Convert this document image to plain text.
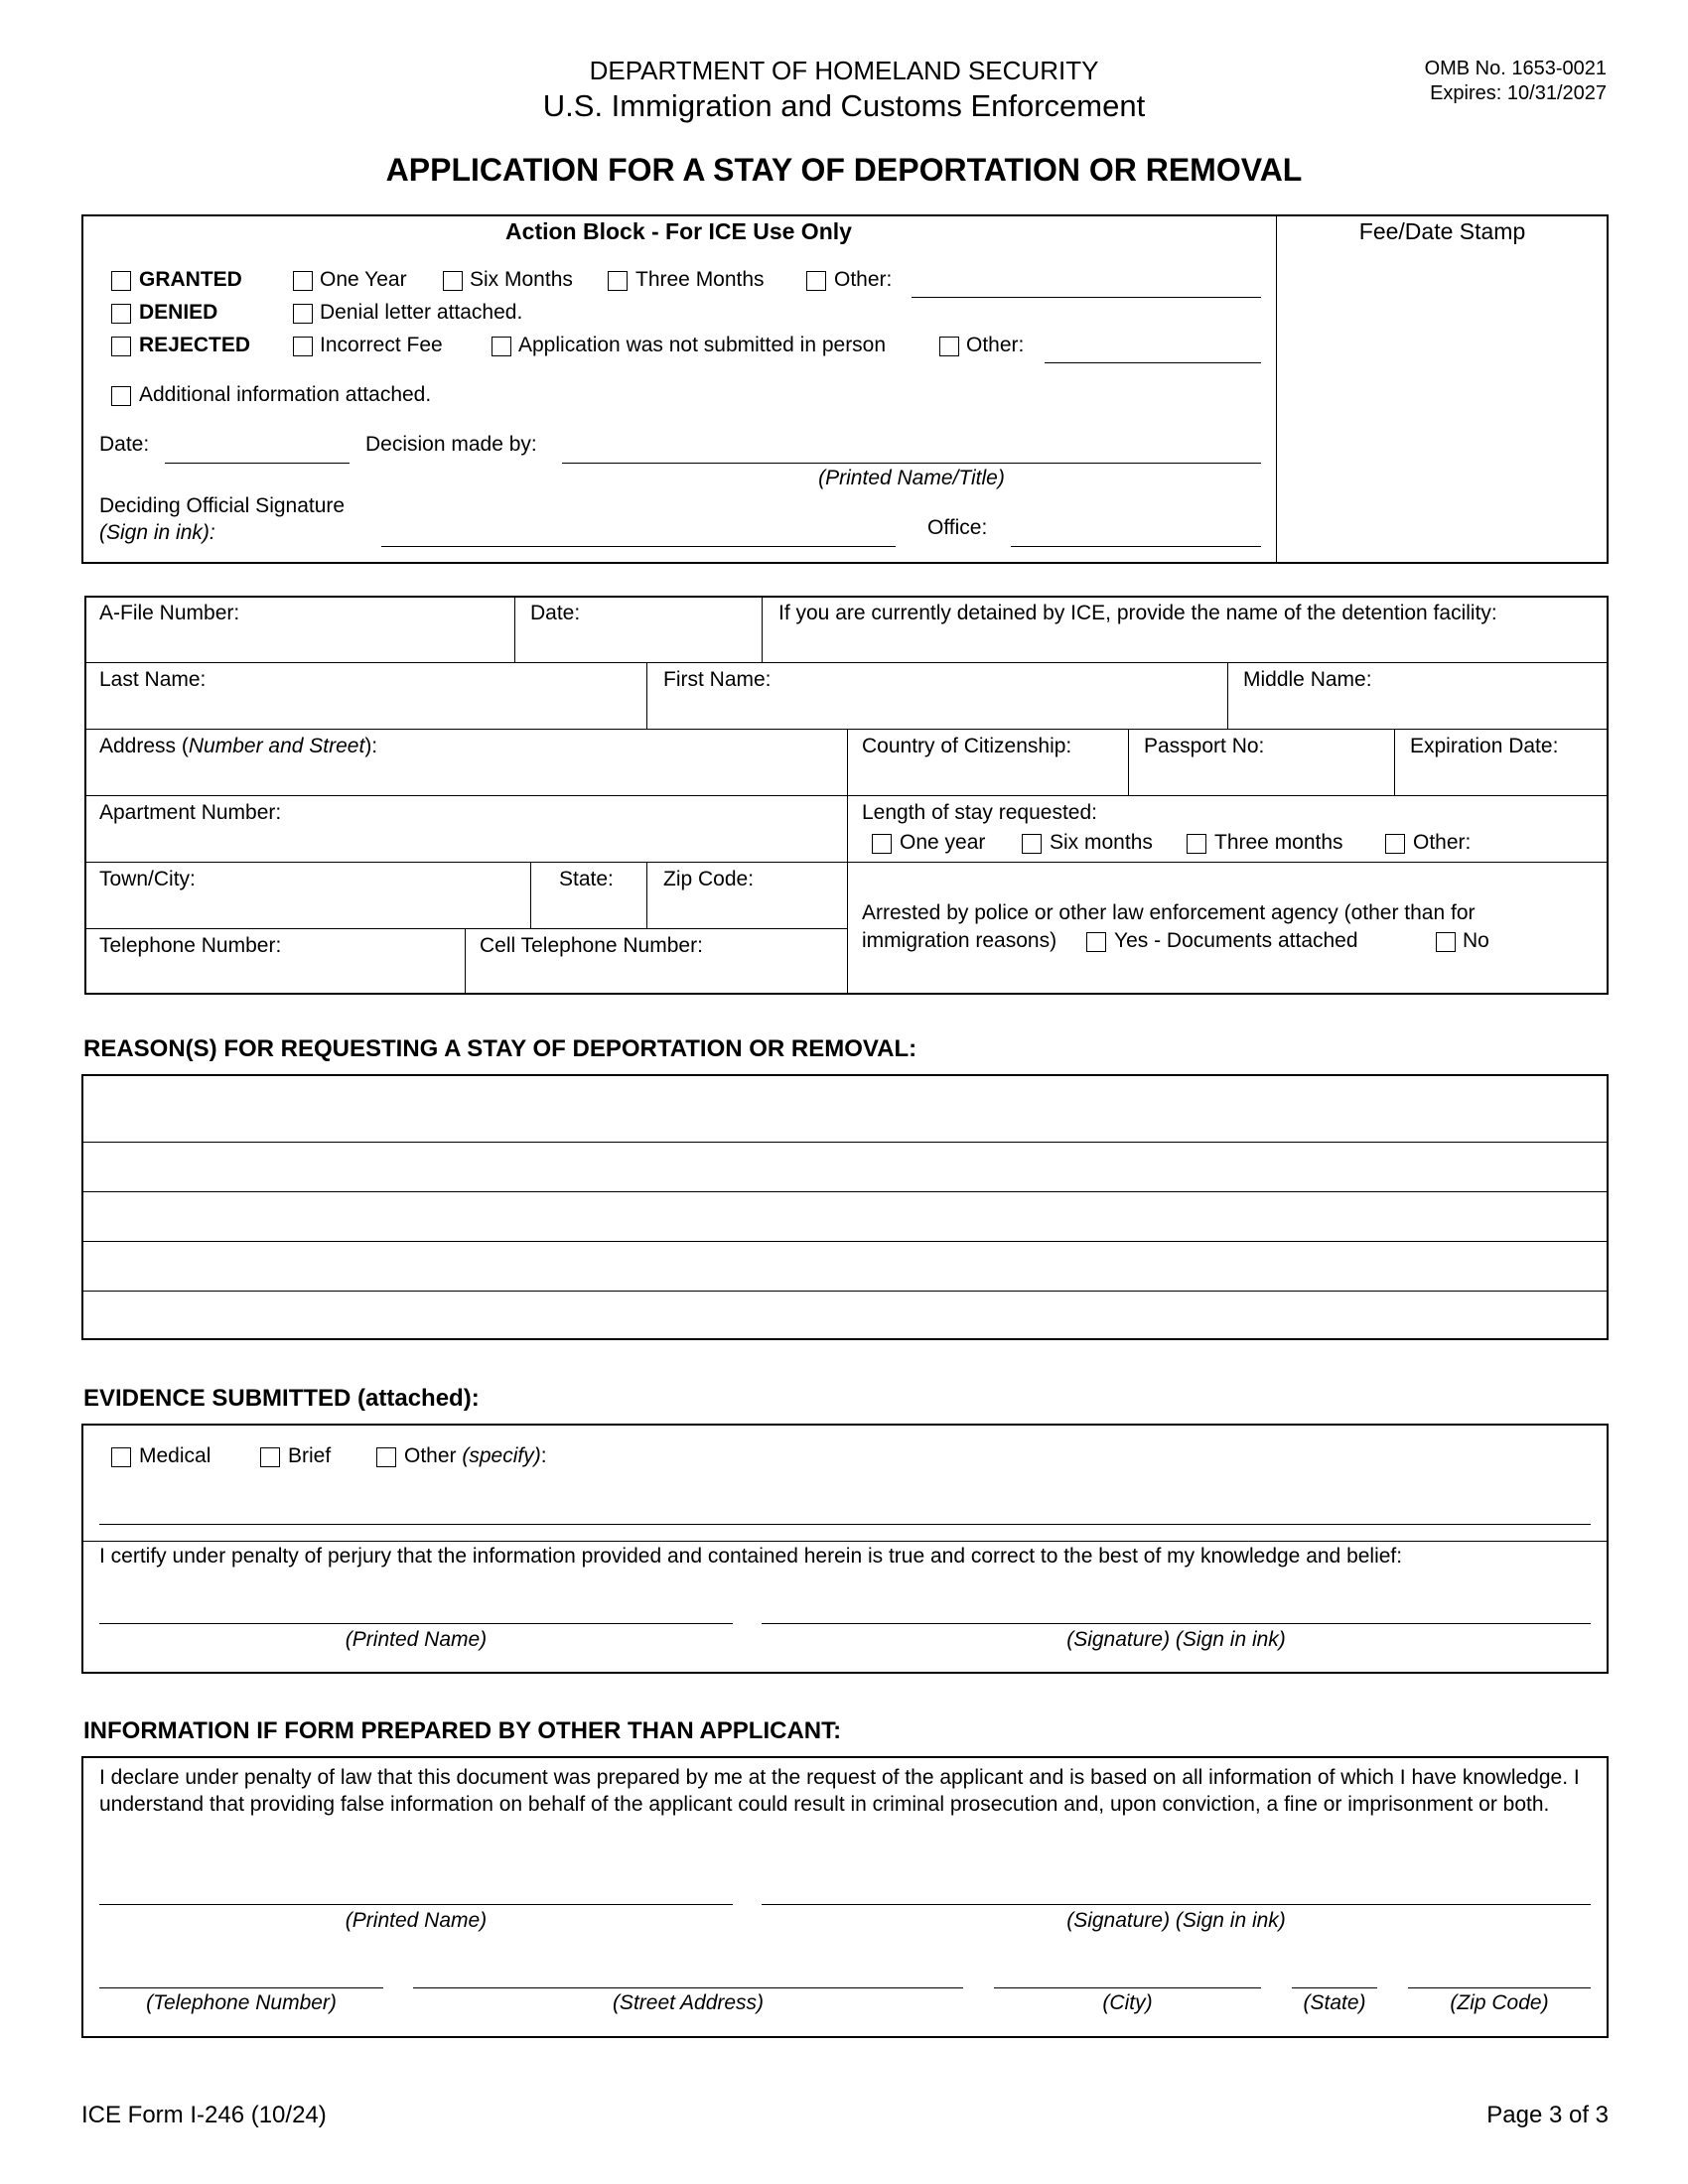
DEPARTMENT OF HOMELAND SECURITY
U.S. Immigration and Customs Enforcement
OMB No. 1653-0021
Expires: 10/31/2027
APPLICATION FOR A STAY OF DEPORTATION OR REMOVAL
Action Block - For ICE Use Only	Fee/Date Stamp
GRANTED	One Year	Six Months	Three Months	Other:
DENIED	Denial letter attached.
REJECTED	Incorrect Fee	Application was not submitted in person	Other:
Additional information attached.
Date:	Decision made by:
(Printed Name/Title)
Deciding Official Signature
(Sign in ink):	Office:
A-File Number:	Date:	If you are currently detained by ICE, provide the name of the detention facility:
Last Name:	First Name:	Middle Name:
Address (Number and Street):	Country of Citizenship:	Passport No:	Expiration Date:
Apartment Number:	Length of stay requested:
One year	Six months	Three months	Other:
Town/City:	State: Zip Code:
Arrested by police or other law enforcement agency (other than for
immigration reasons)	Yes - Documents attached	No
Telephone Number:	Cell Telephone Number:
REASON(S) FOR REQUESTING A STAY OF DEPORTATION OR REMOVAL:
EVIDENCE SUBMITTED (attached):
Medical	Brief	Other (specify):
I certify under penalty of perjury that the information provided and contained herein is true and correct to the best of my knowledge and belief:
(Printed Name)	(Signature) (Sign in ink)
INFORMATION IF FORM PREPARED BY OTHER THAN APPLICANT:
I declare under penalty of law that this document was prepared by me at the request of the applicant and is based on all information of which I have knowledge. I understand that providing false information on behalf of the applicant could result in criminal prosecution and, upon conviction, a fine or imprisonment or both.
(Printed Name)	(Signature) (Sign in ink)
(Telephone Number)	(Street Address)	(City)	(State)	(Zip Code)
ICE Form I-246 (10/24)	Page 3 of 3
